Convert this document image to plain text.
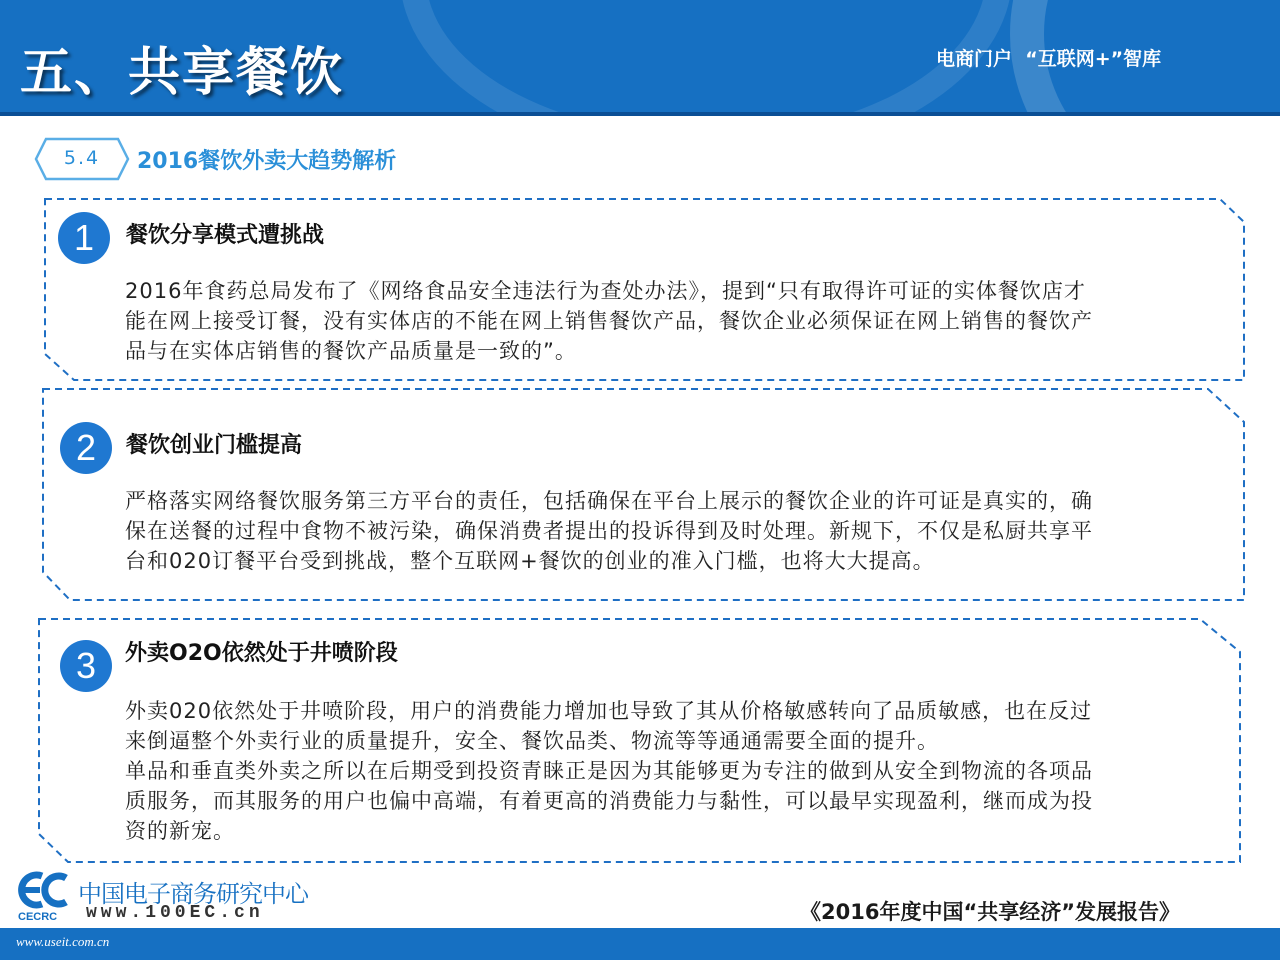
五、共享餐饮	电商门户  “互联网+”智库
5.4	2016餐饮外卖大趋势解析
1	餐饮分享模式遭挑战
2016年食药总局发布了《网络食品安全违法行为查处办法》，提到“只有取得许可证的实体餐饮店才
能在网上接受订餐，没有实体店的不能在网上销售餐饮产品，餐饮企业必须保证在网上销售的餐饮产
品与在实体店销售的餐饮产品质量是一致的”。
2	餐饮创业门槛提高
严格落实网络餐饮服务第三方平台的责任，包括确保在平台上展示的餐饮企业的许可证是真实的，确
保在送餐的过程中食物不被污染，确保消费者提出的投诉得到及时处理。新规下，不仅是私厨共享平
台和020订餐平台受到挑战，整个互联网+餐饮的创业的准入门槛，也将大大提高。
3	外卖O2O依然处于井喷阶段
外卖020依然处于井喷阶段，用户的消费能力增加也导致了其从价格敏感转向了品质敏感，也在反过
来倒逼整个外卖行业的质量提升，安全、餐饮品类、物流等等通通需要全面的提升。
单品和垂直类外卖之所以在后期受到投资青睐正是因为其能够更为专注的做到从安全到物流的各项品
质服务，而其服务的用户也偏中高端，有着更高的消费能力与黏性，可以最早实现盈利，继而成为投
资的新宠。
CECRC
中国电子商务研究中心
www.100EC.cn	《2016年度中国“共享经济”发展报告》
www.useit.com.cn
